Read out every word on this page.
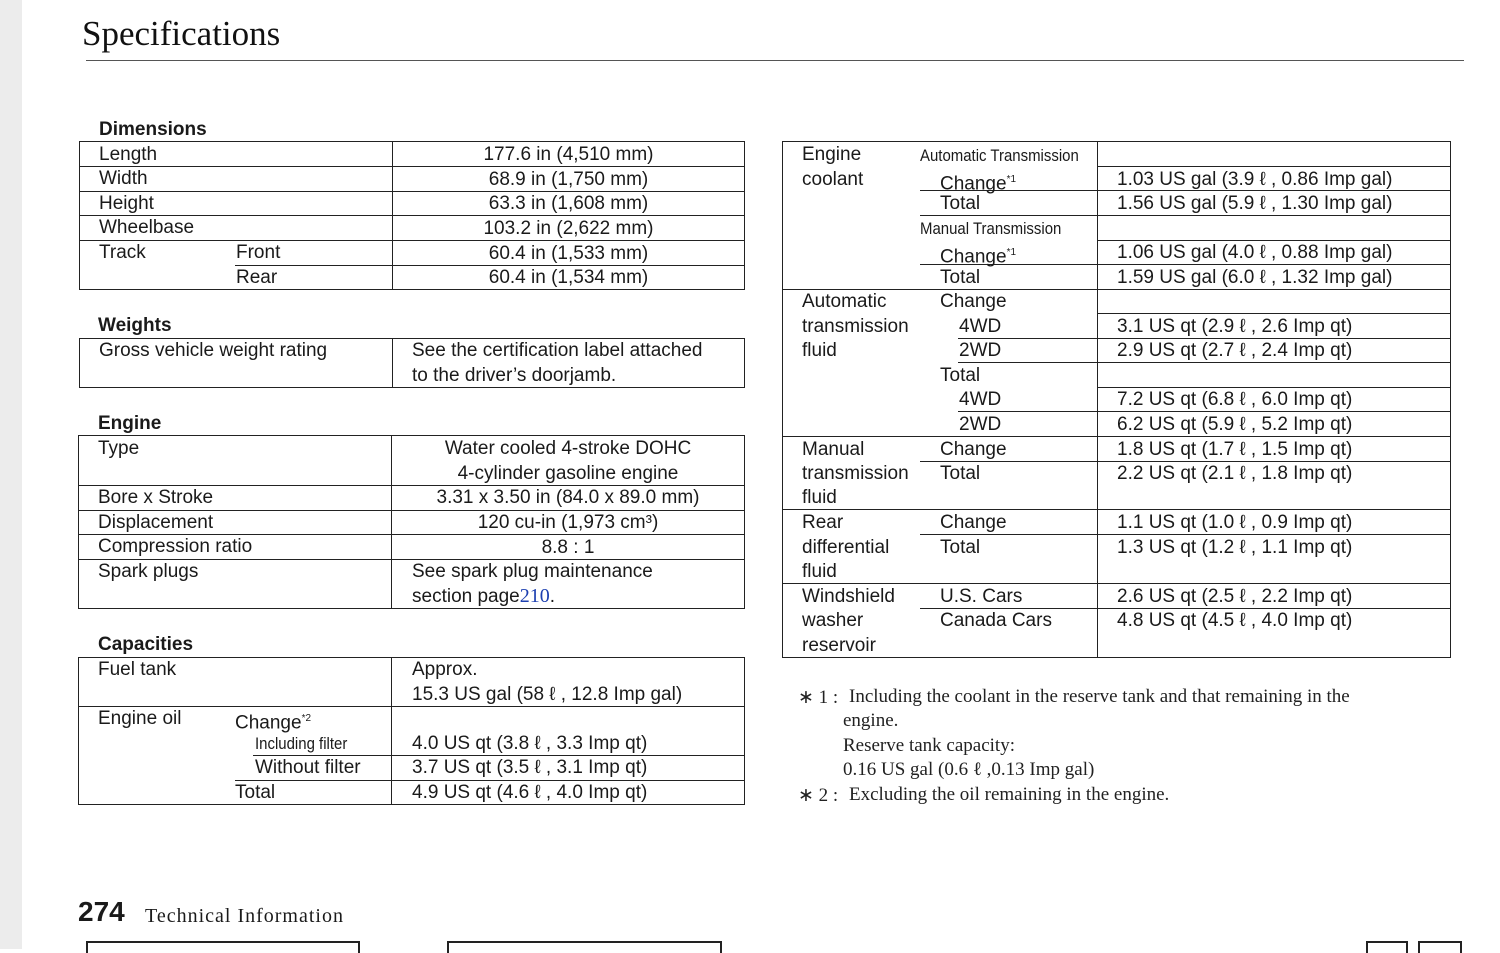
Specifications
Dimensions
Length	177.6 in (4,510 mm)
Width	68.9 in (1,750 mm)
Height	63.3 in (1,608 mm)
Wheelbase	103.2 in (2,622 mm)
Track	Front	60.4 in (1,533 mm)
Rear	60.4 in (1,534 mm)
Weights
Gross vehicle weight rating	See the certification label attached
to the driver’s doorjamb.
Engine
Type	Water cooled 4-stroke DOHC
4-cylinder gasoline engine
Bore x Stroke	3.31 x 3.50 in (84.0 x 89.0 mm)
Displacement	120 cu-in (1,973 cm³)
Compression ratio	8.8 : 1
Spark plugs	See spark plug maintenance
section page 210.
Capacities
Fuel tank	Approx.
15.3 US gal (58 ℓ , 12.8 Imp gal)
Engine oil	Change$^{*2}$
Including filter	4.0 US qt (3.8 ℓ , 3.3 Imp qt)
Without filter	3.7 US qt (3.5 ℓ , 3.1 Imp qt)
Total	4.9 US qt (4.6 ℓ , 4.0 Imp qt)
Engine
coolant
Automatic Transmission
Change$^{*1}$	1.03 US gal (3.9 ℓ , 0.86 Imp gal)
Total	1.56 US gal (5.9 ℓ , 1.30 Imp gal)
Manual Transmission
Change$^{*1}$	1.06 US gal (4.0 ℓ , 0.88 Imp gal)
Total	1.59 US gal (6.0 ℓ , 1.32 Imp gal)
Automatic
transmission
fluid
Change
4WD	3.1 US qt (2.9 ℓ , 2.6 Imp qt)
2WD	2.9 US qt (2.7 ℓ , 2.4 Imp qt)
Total
4WD	7.2 US qt (6.8 ℓ , 6.0 Imp qt)
2WD	6.2 US qt (5.9 ℓ , 5.2 Imp qt)
Manual
transmission
fluid
Change	1.8 US qt (1.7 ℓ , 1.5 Imp qt)
Total	2.2 US qt (2.1 ℓ , 1.8 Imp qt)
Rear
differential
fluid
Change	1.1 US qt (1.0 ℓ , 0.9 Imp qt)
Total	1.3 US qt (1.2 ℓ , 1.1 Imp qt)
Windshield
washer
reservoir
U.S. Cars	2.6 US qt (2.5 ℓ , 2.2 Imp qt)
Canada Cars	4.8 US qt (4.5 ℓ , 4.0 Imp qt)
∗ 1 : Including the coolant in the reserve tank and that remaining in the
engine.
Reserve tank capacity:
0.16 US gal (0.6 ℓ ,0.13 Imp gal)
∗ 2 : Excluding the oil remaining in the engine.
274 Technical Information
